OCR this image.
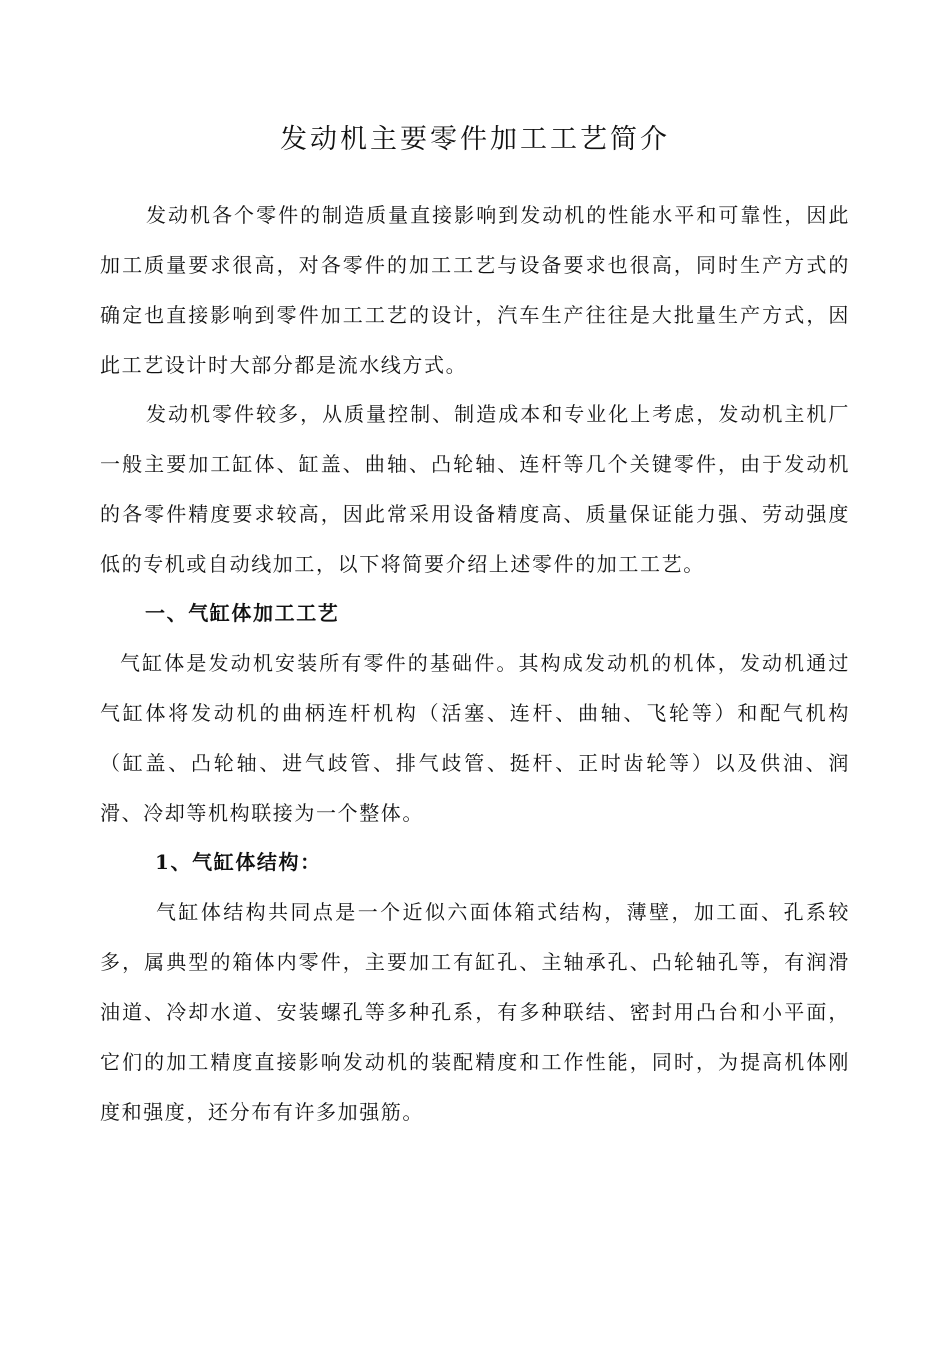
发动机主要零件加工工艺简介

发动机各个零件的制造质量直接影响到发动机的性能水平和可靠性，因此加工质量要求很高，对各零件的加工工艺与设备要求也很高，同时生产方式的确定也直接影响到零件加工工艺的设计，汽车生产往往是大批量生产方式，因此工艺设计时大部分都是流水线方式。

发动机零件较多，从质量控制、制造成本和专业化上考虑，发动机主机厂一般主要加工缸体、缸盖、曲轴、凸轮轴、连杆等几个关键零件，由于发动机的各零件精度要求较高，因此常采用设备精度高、质量保证能力强、劳动强度低的专机或自动线加工，以下将简要介绍上述零件的加工工艺。

一、气缸体加工工艺

气缸体是发动机安装所有零件的基础件。其构成发动机的机体，发动机通过气缸体将发动机的曲柄连杆机构（活塞、连杆、曲轴、飞轮等）和配气机构（缸盖、凸轮轴、进气歧管、排气歧管、挺杆、正时齿轮等）以及供油、润滑、冷却等机构联接为一个整体。

1、气缸体结构：

气缸体结构共同点是一个近似六面体箱式结构，薄壁，加工面、孔系较多，属典型的箱体内零件，主要加工有缸孔、主轴承孔、凸轮轴孔等，有润滑油道、冷却水道、安装螺孔等多种孔系，有多种联结、密封用凸台和小平面，它们的加工精度直接影响发动机的装配精度和工作性能，同时，为提高机体刚度和强度，还分布有许多加强筋。
